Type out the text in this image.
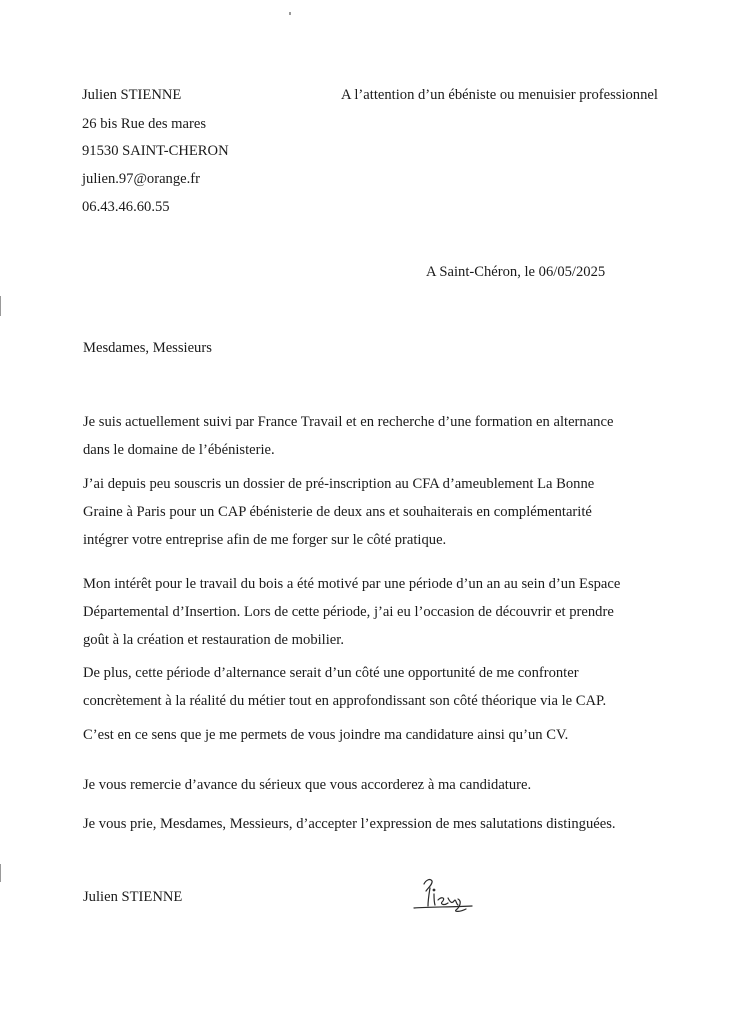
Julien STIENNE
26 bis Rue des mares
91530 SAINT-CHERON
julien.97@orange.fr
06.43.46.60.55
A l’attention d’un ébéniste ou menuisier professionnel
A Saint-Chéron, le 06/05/2025
Mesdames, Messieurs
Je suis actuellement suivi par France Travail et en recherche d’une formation en alternance
dans le domaine de l’ébénisterie.
J’ai depuis peu souscris un dossier de pré-inscription au CFA d’ameublement La Bonne
Graine à Paris pour un CAP ébénisterie de deux ans et souhaiterais en complémentarité
intégrer votre entreprise afin de me forger sur le côté pratique.
Mon intérêt pour le travail du bois a été motivé par une période d’un an au sein d’un Espace
Départemental d’Insertion. Lors de cette période, j’ai eu l’occasion de découvrir et prendre
goût à la création et restauration de mobilier.
De plus, cette période d’alternance serait d’un côté une opportunité de me confronter
concrètement à la réalité du métier tout en approfondissant son côté théorique via le CAP.
C’est en ce sens que je me permets de vous joindre ma candidature ainsi qu’un CV.
Je vous remercie d’avance du sérieux que vous accorderez à ma candidature.
Je vous prie, Mesdames, Messieurs, d’accepter l’expression de mes salutations distinguées.
Julien STIENNE
